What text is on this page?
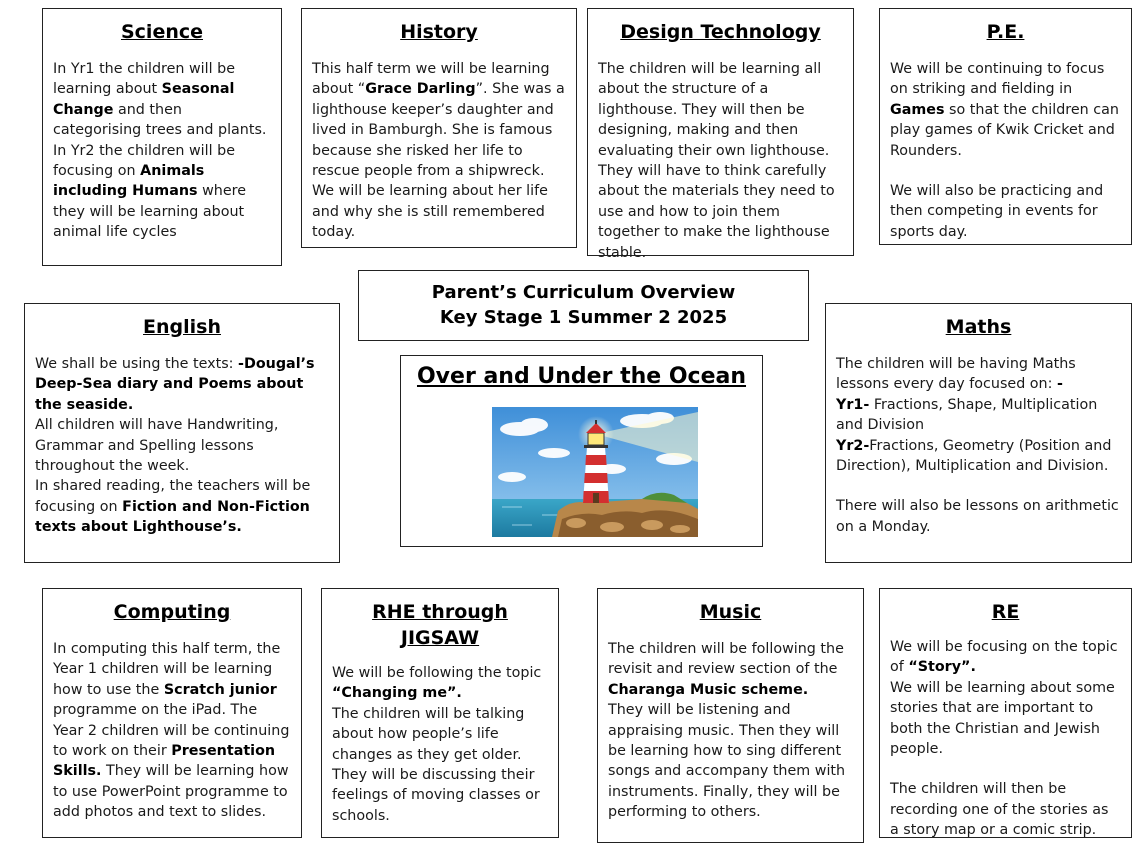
Science

In Yr1 the children will be learning about Seasonal Change and then categorising trees and plants.

In Yr2 the children will be focusing on Animals including Humans where they will be learning about animal life cycles

History

This half term we will be learning about “Grace Darling”. She was a lighthouse keeper’s daughter and lived in Bamburgh. She is famous because she risked her life to rescue people from a shipwreck. We will be learning about her life and why she is still remembered today.

Design Technology

The children will be learning all about the structure of a lighthouse. They will then be designing, making and then evaluating their own lighthouse. They will have to think carefully about the materials they need to use and how to join them together to make the lighthouse stable.

P.E.

We will be continuing to focus on striking and fielding in Games so that the children can play games of Kwik Cricket and Rounders.

We will also be practicing and then competing in events for sports day.

Parent’s Curriculum Overview
Key Stage 1 Summer 2 2025
English

We shall be using the texts: -Dougal’s Deep-Sea diary and Poems about the seaside.

All children will have Handwriting, Grammar and Spelling lessons throughout the week.

In shared reading, the teachers will be focusing on Fiction and Non-Fiction texts about Lighthouse’s.

Over and Under the Ocean
Maths

The children will be having Maths lessons every day focused on: -

Yr1- Fractions, Shape, Multiplication and Division

Yr2-Fractions, Geometry (Position and Direction), Multiplication and Division.

There will also be lessons on arithmetic on a Monday.

Computing

In computing this half term, the Year 1 children will be learning how to use the Scratch junior programme on the iPad. The Year 2 children will be continuing to work on their Presentation Skills. They will be learning how to use PowerPoint programme to add photos and text to slides.

RHE through JIGSAW

We will be following the topic “Changing me”.

The children will be talking about how people’s life changes as they get older.

They will be discussing their feelings of moving classes or schools.

Music

The children will be following the revisit and review section of the Charanga Music scheme.

They will be listening and appraising music. Then they will be learning how to sing different songs and accompany them with instruments. Finally, they will be performing to others.

RE

We will be focusing on the topic of “Story”.

We will be learning about some stories that are important to both the Christian and Jewish people.

The children will then be recording one of the stories as a story map or a comic strip.
